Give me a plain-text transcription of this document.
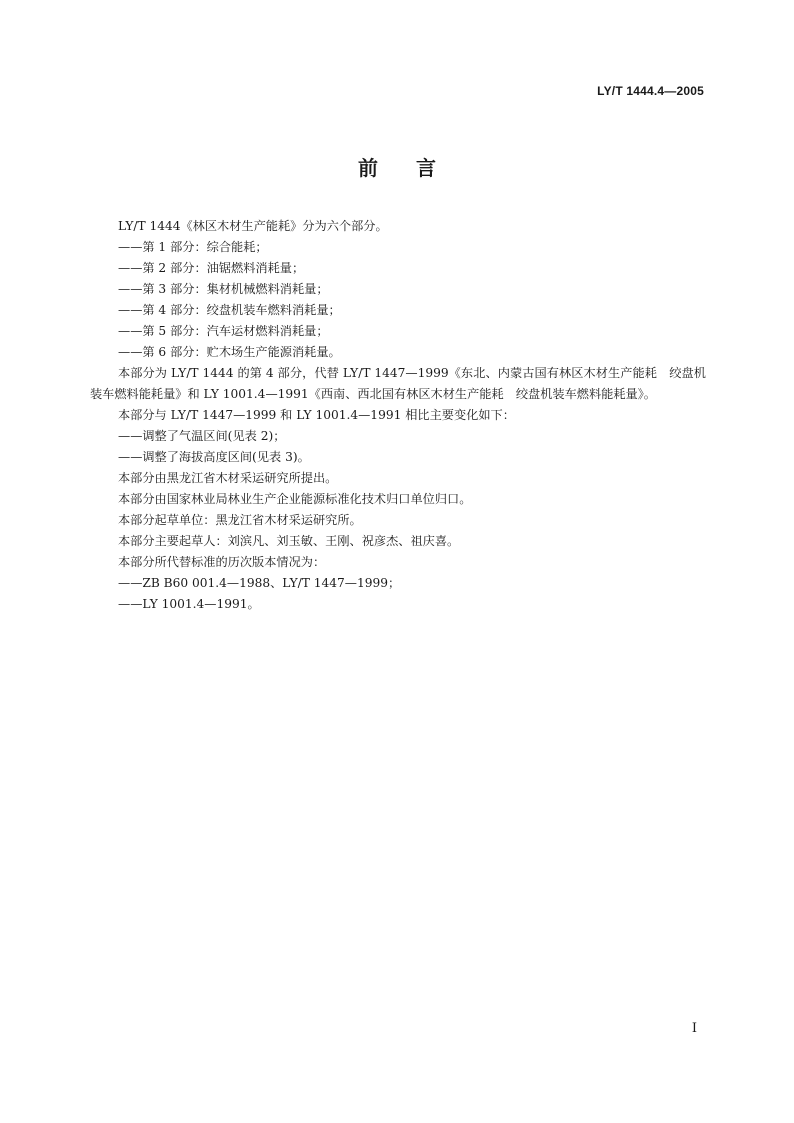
LY/T 1444.4—2005
前 言

LY/T 1444《林区木材生产能耗》分为六个部分。

——第 1 部分：综合能耗；

——第 2 部分：油锯燃料消耗量；

——第 3 部分：集材机械燃料消耗量；

——第 4 部分：绞盘机装车燃料消耗量；

——第 5 部分：汽车运材燃料消耗量；

——第 6 部分：贮木场生产能源消耗量。

本部分为 LY/T 1444 的第 4 部分，代替 LY/T 1447—1999《东北、内蒙古国有林区木材生产能耗　绞盘机装车燃料能耗量》和 LY 1001.4—1991《西南、西北国有林区木材生产能耗　绞盘机装车燃料能耗量》。

本部分与 LY/T 1447—1999 和 LY 1001.4—1991 相比主要变化如下：

——调整了气温区间(见表 2)；

——调整了海拔高度区间(见表 3)。

本部分由黑龙江省木材采运研究所提出。

本部分由国家林业局林业生产企业能源标准化技术归口单位归口。

本部分起草单位：黑龙江省木材采运研究所。

本部分主要起草人：刘滨凡、刘玉敏、王刚、祝彦杰、祖庆喜。

本部分所代替标准的历次版本情况为：

——ZB B60 001.4—1988、LY/T 1447—1999；

——LY 1001.4—1991。

I
